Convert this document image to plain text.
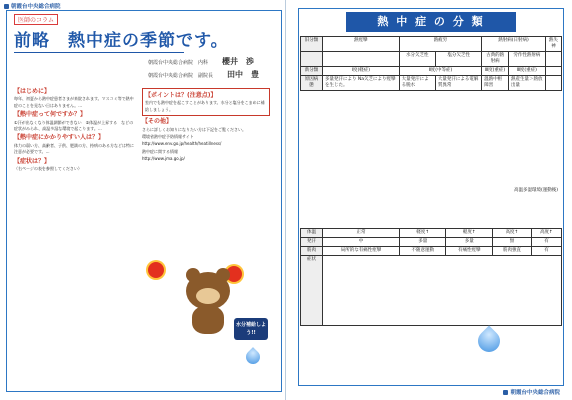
朝霞台中央総合病院
医師のコラム
前略　熱中症の季節です。
朝霞台中央総合病院　内科 櫻井　渉
朝霞台中央総合病院　副院長 田中　豊
【はじめに】

毎年、初夏から熱中症患者さまが来院されます。マスコミ等で熱中症のことを見ない日はありません。...

【熱中症って何ですか？】

①汗が出なくなり体温調節ができない　②体温が上昇する　などの症状がみられ、高温多湿な環境で起こります。...

【熱中症にかかりやすい人は？】

体力の弱い方、高齢者、子供、肥満の方、持病のある方などは特に注意が必要です。...

【症状は？】

（右ページの表を参照してください）

【ポイントは？(注意点)】

室内でも熱中症を起こすことがあります。水分と塩分をこまめに補給しましょう。

【その他】

さらに詳しくお知りになりたい方は下記をご覧ください。

環境省熱中症予防情報サイト

http://www.env.go.jp/health/heatillness/

熱中症に関する情報

http://www.jma.go.jp/

水分補給しよう!!
熱 中 症 の 分 類
旧分類	熱痙攣	熱疲労		熱射病(日射病)		熱失神
		水分欠乏性	塩分欠乏性	古典的熱射病	労作性熱射病	
新分類	Ⅰ度(軽症)	Ⅱ度(中等症)		Ⅲ度(重症)	Ⅲ度(重症)	
原因病態	多量発汗により Na欠乏により痙攣を生じた。	大量発汗による脱水	大量発汗による電解質異常	温熱中枢障害	熱産生量＞熱放出量	
高温多湿環境(運動後)
体温	正常	軽度↑	軽度↑	高度↑	高度↑
発汗	中	多量	多量	無	有
筋肉	局所的な有痛性痙攣	不随意運動	有痛性痙攣	筋肉強直	有
症状					
朝霞台中央総合病院
